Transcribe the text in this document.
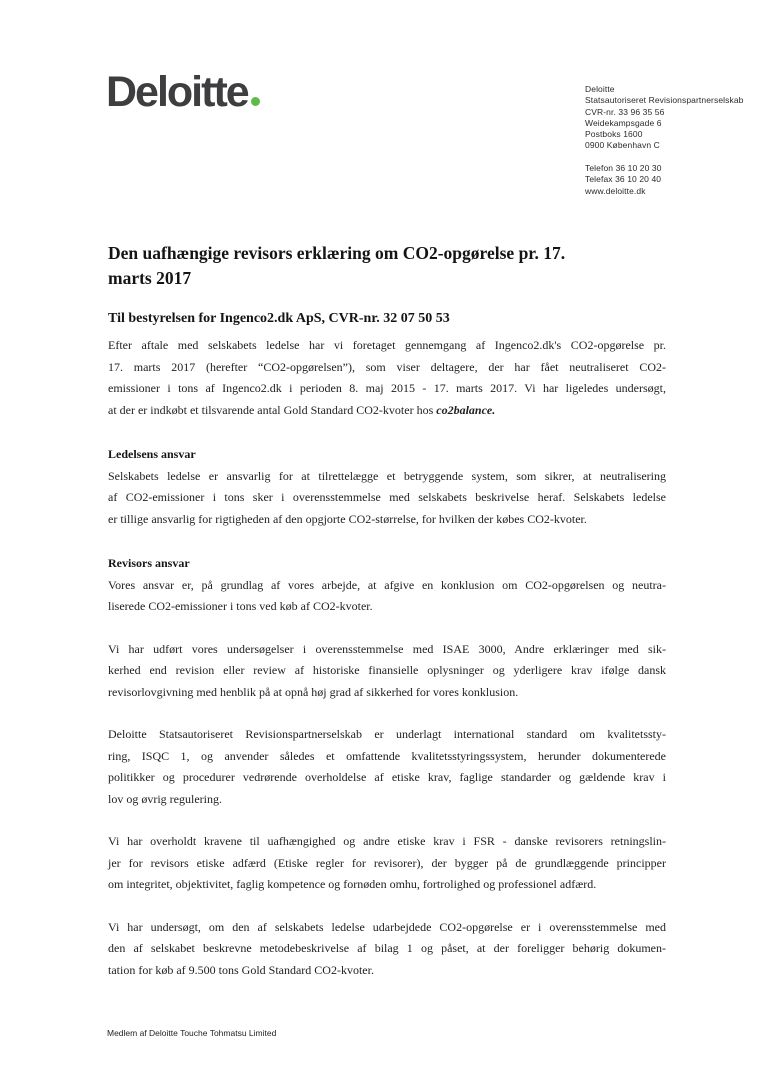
Deloitte	Deloitte
Statsautoriseret Revisionspartnerselskab
CVR-nr. 33 96 35 56
Weidekampsgade 6
Postboks 1600
0900 København C
Telefon 36 10 20 30
Telefax 36 10 20 40
www.deloitte.dk
Den uafhængige revisors erklæring om CO2-opgørelse pr. 17.
marts 2017
Til bestyrelsen for Ingenco2.dk ApS, CVR-nr. 32 07 50 53
Efter aftale med selskabets ledelse har vi foretaget gennemgang af Ingenco2.dk's CO2-opgørelse pr.
17. marts 2017 (herefter “CO2-opgørelsen”), som viser deltagere, der har fået neutraliseret CO2-
emissioner i tons af Ingenco2.dk i perioden 8. maj 2015 - 17. marts 2017. Vi har ligeledes undersøgt,
at der er indkøbt et tilsvarende antal Gold Standard CO2-kvoter hos co2balance.
Ledelsens ansvar
Selskabets ledelse er ansvarlig for at tilrettelægge et betryggende system, som sikrer, at neutralisering
af CO2-emissioner i tons sker i overensstemmelse med selskabets beskrivelse heraf. Selskabets ledelse
er tillige ansvarlig for rigtigheden af den opgjorte CO2-størrelse, for hvilken der købes CO2-kvoter.
Revisors ansvar
Vores ansvar er, på grundlag af vores arbejde, at afgive en konklusion om CO2-opgørelsen og neutra-
liserede CO2-emissioner i tons ved køb af CO2-kvoter.
Vi har udført vores undersøgelser i overensstemmelse med ISAE 3000, Andre erklæringer med sik-
kerhed end revision eller review af historiske finansielle oplysninger og yderligere krav ifølge dansk
revisorlovgivning med henblik på at opnå høj grad af sikkerhed for vores konklusion.
Deloitte Statsautoriseret Revisionspartnerselskab er underlagt international standard om kvalitetssty-
ring, ISQC 1, og anvender således et omfattende kvalitetsstyringssystem, herunder dokumenterede
politikker og procedurer vedrørende overholdelse af etiske krav, faglige standarder og gældende krav i
lov og øvrig regulering.
Vi har overholdt kravene til uafhængighed og andre etiske krav i FSR - danske revisorers retningslin-
jer for revisors etiske adfærd (Etiske regler for revisorer), der bygger på de grundlæggende principper
om integritet, objektivitet, faglig kompetence og fornøden omhu, fortrolighed og professionel adfærd.
Vi har undersøgt, om den af selskabets ledelse udarbejdede CO2-opgørelse er i overensstemmelse med
den af selskabet beskrevne metodebeskrivelse af bilag 1 og påset, at der foreligger behørig dokumen-
tation for køb af 9.500 tons Gold Standard CO2-kvoter.
Medlem af Deloitte Touche Tohmatsu Limited
